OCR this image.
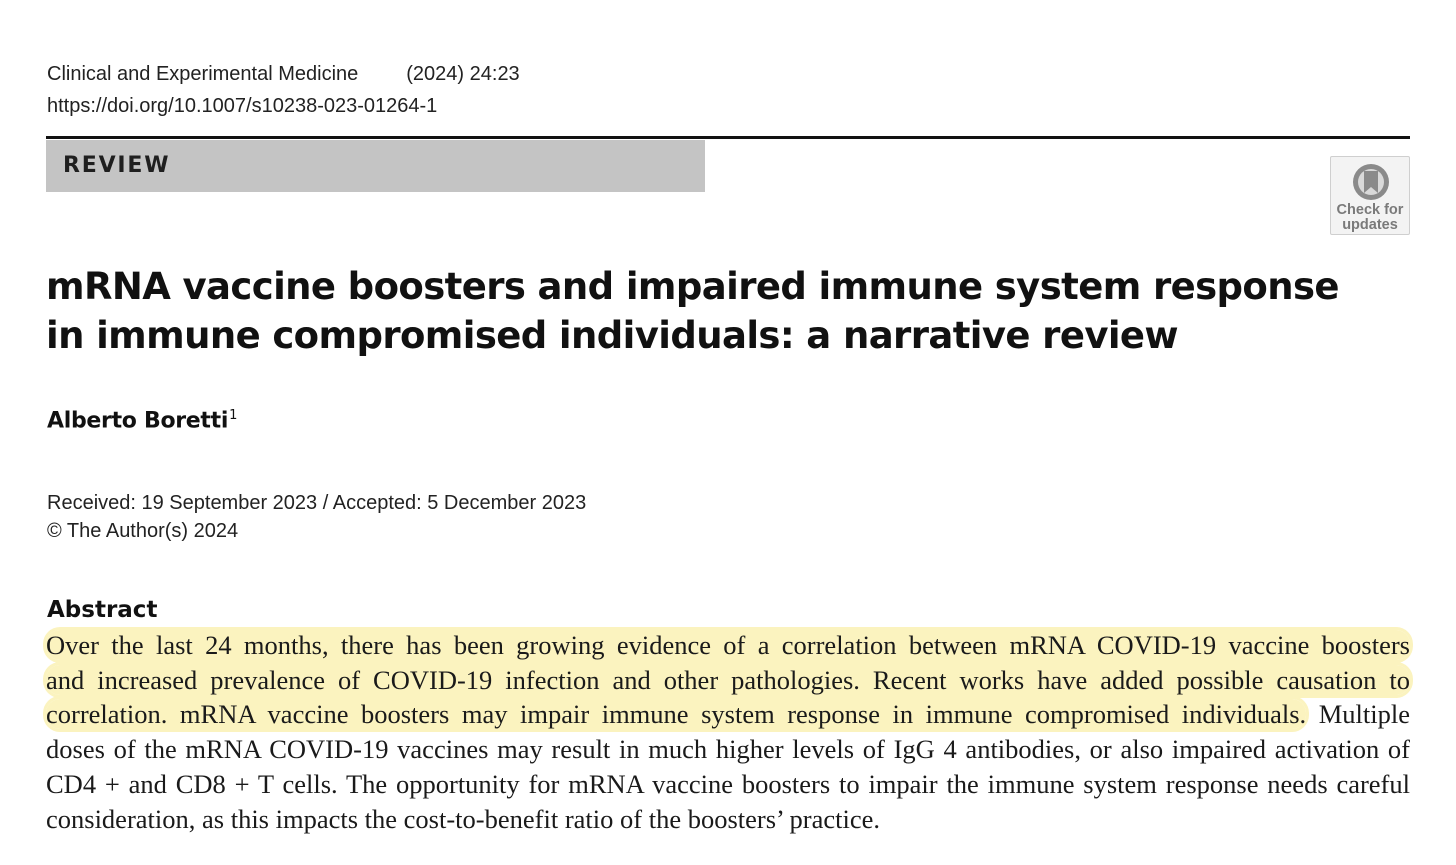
Clinical and Experimental Medicine (2024) 24:23
https://doi.org/10.1007/s10238-023-01264-1
REVIEW
Check for
updates
mRNA vaccine boosters and impaired immune system response
in immune compromised individuals: a narrative review
Alberto Boretti$^1$
Received: 19 September 2023 / Accepted: 5 December 2023
© The Author(s) 2024
Abstract
Over the last 24 months, there has been growing evidence of a correlation between mRNA COVID-19 vaccine boosters
and increased prevalence of COVID-19 infection and other pathologies. Recent works have added possible causation to
correlation. mRNA vaccine boosters may impair immune system response in immune compromised individuals. Multiple
doses of the mRNA COVID-19 vaccines may result in much higher levels of IgG 4 antibodies, or also impaired activation of
CD4 + and CD8 + T cells. The opportunity for mRNA vaccine boosters to impair the immune system response needs careful
consideration, as this impacts the cost-to-benefit ratio of the boosters’ practice.
